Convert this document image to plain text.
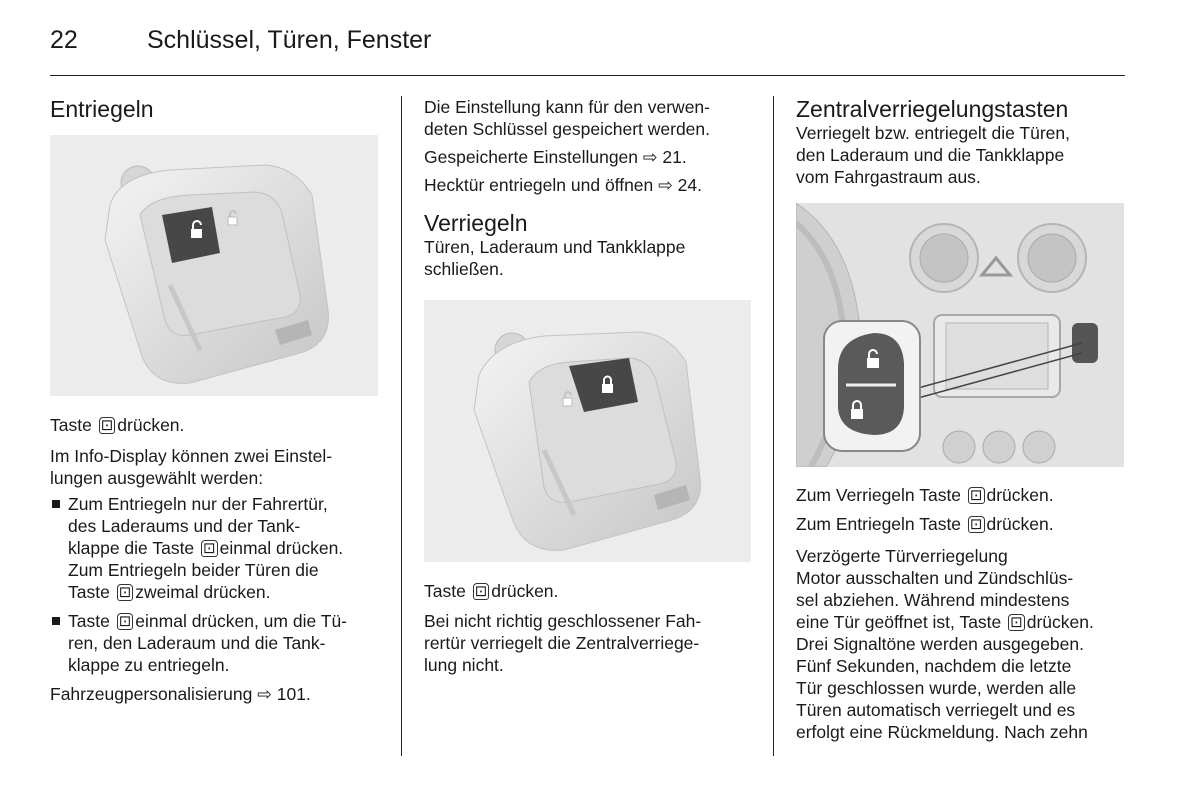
22	Schlüssel, Türen, Fenster
Entriegeln

Taste ⊡ drücken.

Im Info-Display können zwei Einstel-
lungen ausgewählt werden:

Zum Entriegeln nur der Fahrertür,
des Laderaums und der Tank-
klappe die Taste ⊡ einmal drücken.
Zum Entriegeln beider Türen die
Taste ⊡ zweimal drücken.
Taste ⊡ einmal drücken, um die Tü-
ren, den Laderaum und die Tank-
klappe zu entriegeln.

Fahrzeugpersonalisierung ⇨ 101.

Die Einstellung kann für den verwen-
deten Schlüssel gespeichert werden.

Gespeicherte Einstellungen ⇨ 21.

Hecktür entriegeln und öffnen ⇨ 24.

Verriegeln

Türen, Laderaum und Tankklappe
schließen.

Taste ⊡ drücken.

Bei nicht richtig geschlossener Fah-
rertür verriegelt die Zentralverriege-
lung nicht.

Zentralverriegelungstasten

Verriegelt bzw. entriegelt die Türen,
den Laderaum und die Tankklappe
vom Fahrgastraum aus.

Zum Verriegeln Taste ⊡ drücken.

Zum Entriegeln Taste ⊡ drücken.

Verzögerte Türverriegelung

Motor ausschalten und Zündschlüs-
sel abziehen. Während mindestens
eine Tür geöffnet ist, Taste ⊡ drücken.
Drei Signaltöne werden ausgegeben.
Fünf Sekunden, nachdem die letzte
Tür geschlossen wurde, werden alle
Türen automatisch verriegelt und es
erfolgt eine Rückmeldung. Nach zehn
